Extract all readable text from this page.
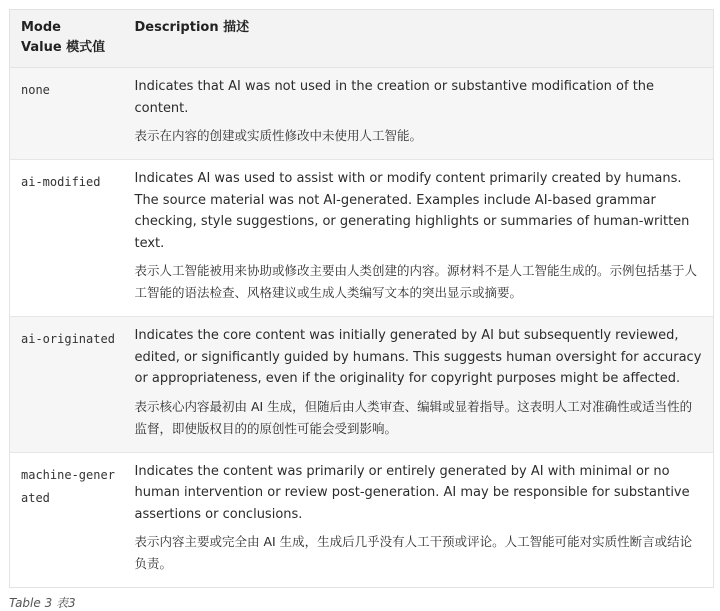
Mode
Value 模式值	Description 描述
none	Indicates that AI was not used in the creation or substantive modification of the content.

表示在内容的创建或实质性修改中未使用人工智能。

ai-modified	Indicates AI was used to assist with or modify content primarily created by humans. The source material was not AI-generated. Examples include AI-based grammar checking, style suggestions, or generating highlights or summaries of human-written text.

表示人工智能被用来协助或修改主要由人类创建的内容。源材料不是人工智能生成的。示例包括基于人工智能的语法检查、风格建议或生成人类编写文本的突出显示或摘要。

ai-originated	Indicates the core content was initially generated by AI but subsequently reviewed, edited, or significantly guided by humans. This suggests human oversight for accuracy or appropriateness, even if the originality for copyright purposes might be affected.

表示核心内容最初由 AI 生成，但随后由人类审查、编辑或显着指导。这表明人工对准确性或适当性的监督，即使版权目的的原创性可能会受到影响。

machine-generated	Indicates the content was primarily or entirely generated by AI with minimal or no human intervention or review post-generation. AI may be responsible for substantive assertions or conclusions.

表示内容主要或完全由 AI 生成，生成后几乎没有人工干预或评论。人工智能可能对实质性断言或结论负责。

Table 3 表3
